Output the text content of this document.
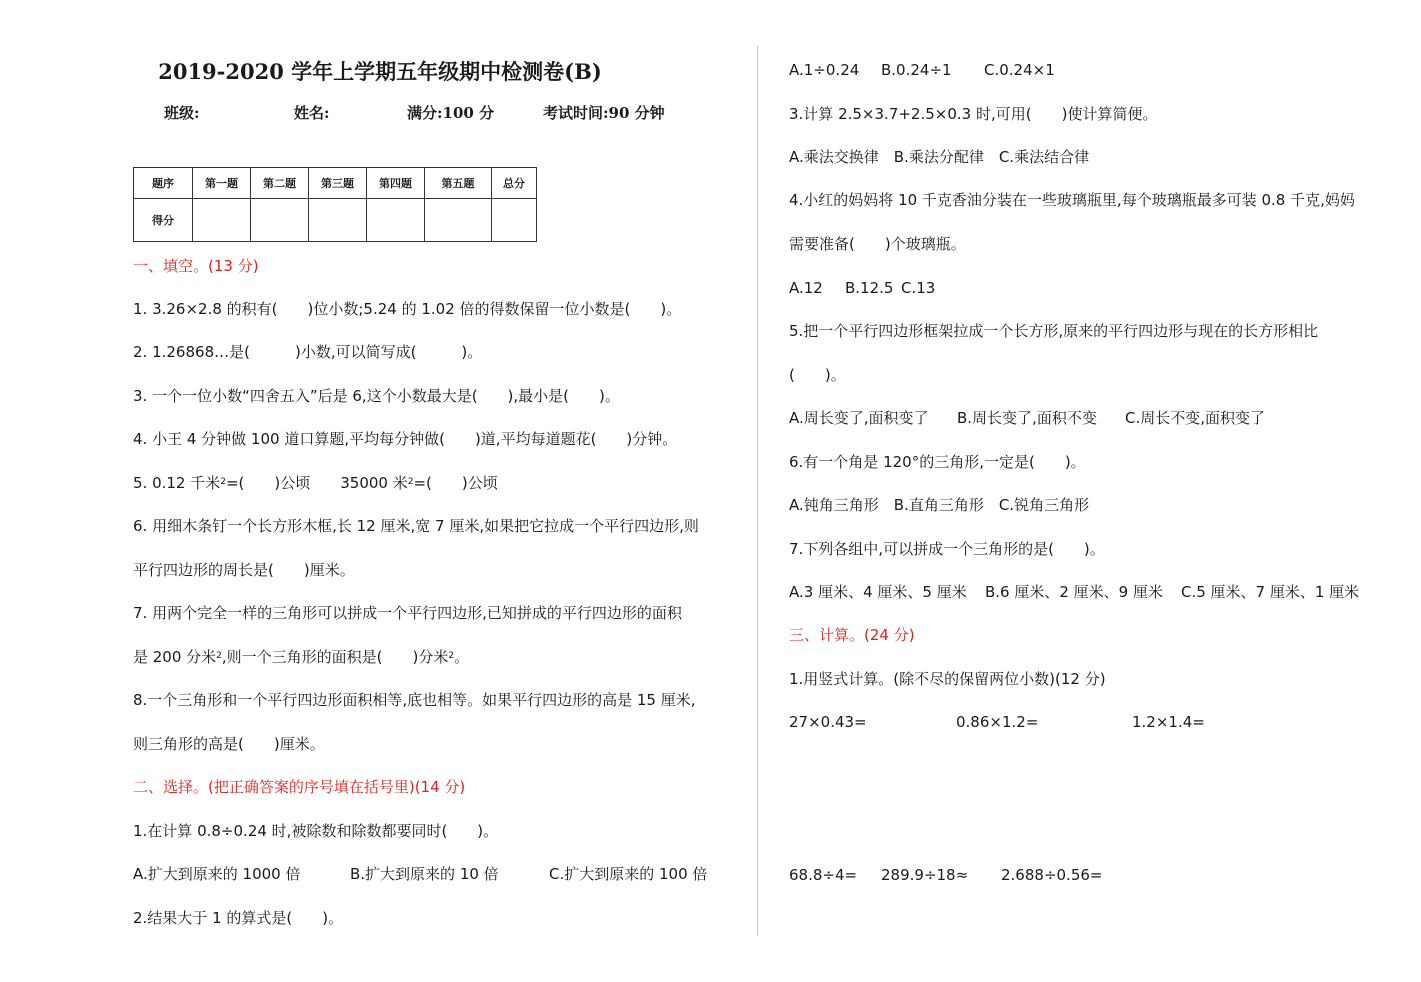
2019-2020 学年上学期五年级期中检测卷(B)
班级:	姓名:	满分:100 分	考试时间:90 分钟
题序	第一题	第二题	第三题	第四题	第五题	总分
得分						
一、填空。(13 分)
1. 3.26×2.8 的积有(　　)位小数;5.24 的 1.02 倍的得数保留一位小数是(　　)。
2. 1.26868…是(　　　)小数,可以简写成(　　　)。
3. 一个一位小数“四舍五入”后是 6,这个小数最大是(　　),最小是(　　)。
4. 小王 4 分钟做 100 道口算题,平均每分钟做(　　)道,平均每道题花(　　)分钟。
5. 0.12 千米$^2$=(　　)公顷　　35000 米$^2$=(　　)公顷
6. 用细木条钉一个长方形木框,长 12 厘米,宽 7 厘米,如果把它拉成一个平行四边形,则
平行四边形的周长是(　　)厘米。
7. 用两个完全一样的三角形可以拼成一个平行四边形,已知拼成的平行四边形的面积
是 200 分米$^2$,则一个三角形的面积是(　　)分米$^2$。
8.一个三角形和一个平行四边形面积相等,底也相等。如果平行四边形的高是 15 厘米,
则三角形的高是(　　)厘米。
二、选择。(把正确答案的序号填在括号里)(14 分)
1.在计算 0.8÷0.24 时,被除数和除数都要同时(　　)。
A.扩大到原来的 1000 倍	B.扩大到原来的 10 倍	C.扩大到原来的 100 倍
2.结果大于 1 的算式是(　　)。
A.1÷0.24 B.0.24÷1 C.0.24×1
3.计算 2.5×3.7+2.5×0.3 时,可用(　　)使计算简便。
A.乘法交换律　B.乘法分配律　C.乘法结合律
4.小红的妈妈将 10 千克香油分装在一些玻璃瓶里,每个玻璃瓶最多可装 0.8 千克,妈妈
需要准备(　　)个玻璃瓶。
A.12 B.12.5 C.13
5.把一个平行四边形框架拉成一个长方形,原来的平行四边形与现在的长方形相比
(　　)。
A.周长变了,面积变了 B.周长变了,面积不变 C.周长不变,面积变了
6.有一个角是 120°的三角形,一定是(　　)。
A.钝角三角形　B.直角三角形　C.锐角三角形
7.下列各组中,可以拼成一个三角形的是(　　)。
A.3 厘米、4 厘米、5 厘米 B.6 厘米、2 厘米、9 厘米 C.5 厘米、7 厘米、1 厘米
三、计算。(24 分)
1.用竖式计算。(除不尽的保留两位小数)(12 分)
27×0.43=	0.86×1.2=	1.2×1.4=
68.8÷4= 289.9÷18≈ 2.688÷0.56=
